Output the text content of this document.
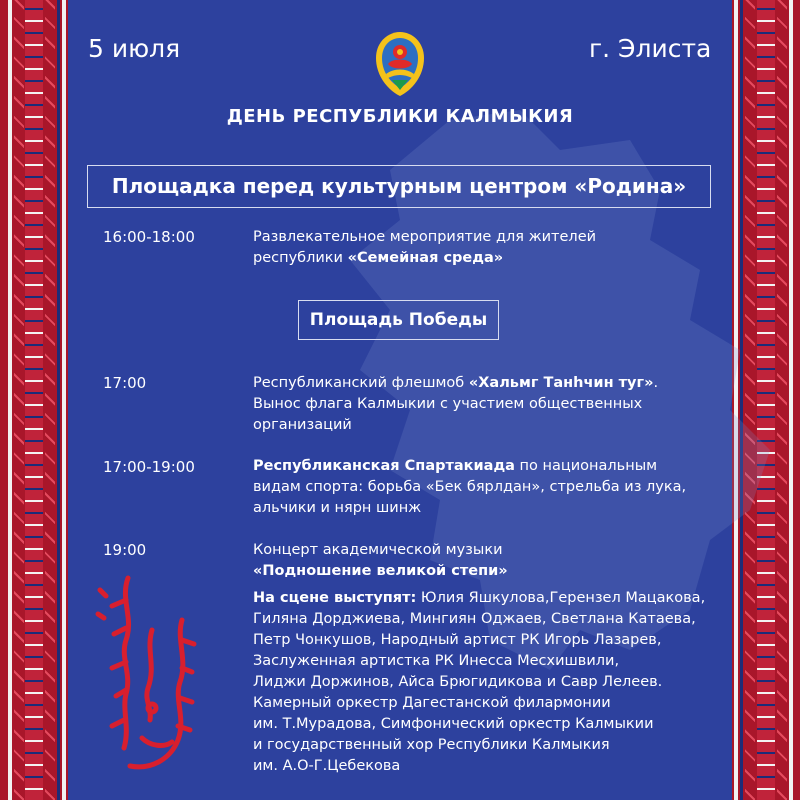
5 июля	г. Элиста
ДЕНЬ РЕСПУБЛИКИ КАЛМЫКИЯ
Площадка перед культурным центром «Родина»
16:00-18:00	Развлекательное мероприятие для жителей
республики «Семейная среда»
Площадь Победы
17:00	Республиканский флешмоб «Хальмг Танhчин тyг».
Вынос флага Калмыкии с участием общественных
организаций
17:00-19:00	Республиканская Спартакиада по национальным
видам спорта: борьба «Бек бярлдан», стрельба из лука,
альчики и нярн шинж
19:00	Концерт академической музыки
«Подношение великой степи»
На сцене выступят: Юлия Яшкулова,Герензел Мацакова,
Гиляна Дорджиева, Мингиян Оджаев, Светлана Катаева,
Петр Чонкушов, Народный артист РК Игорь Лазарев,
Заслуженная артистка РК Инесса Месхишвили,
Лиджи Доржинов, Айса Брюгидикова и Савр Лелеев.
Камерный оркестр Дагестанской филармонии
им. Т.Мурадова, Симфонический оркестр Калмыкии
и государственный хор Республики Калмыкия
им. А.О-Г.Цебекова
